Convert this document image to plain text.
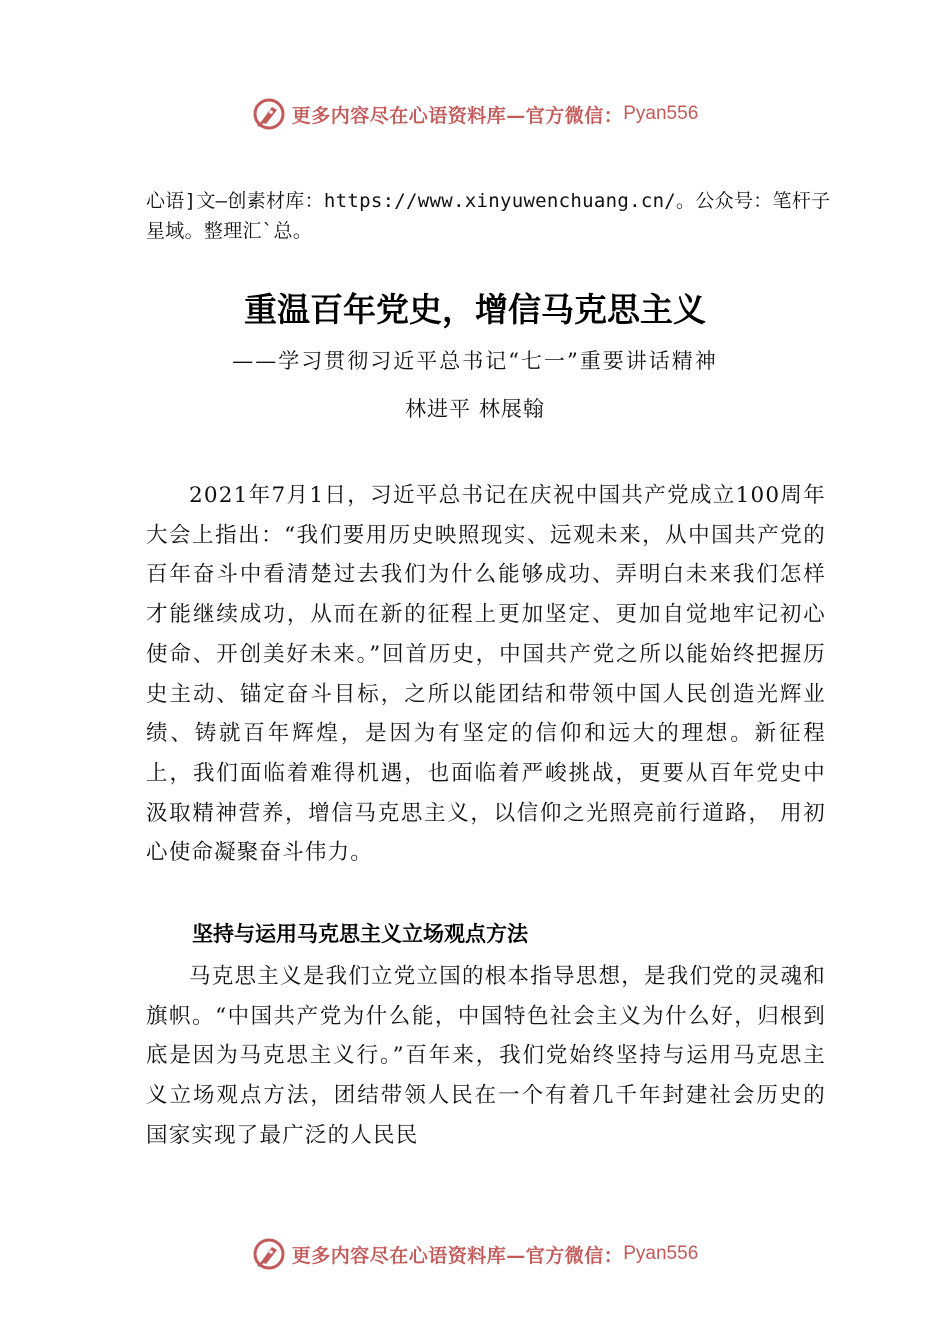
更多内容尽在心语资料库—官方微信： Pyan556
心语]文—创素材库：https://www.xinyuwenchuang.cn/。公众号：笔杆子星域。整理汇`总。
重温百年党史，增信马克思主义
——学习贯彻习近平总书记“七一”重要讲话精神
林进平 林展翰

2021年7月1日，习近平总书记在庆祝中国共产党成立100周年大会上指出：“我们要用历史映照现实、远观未来，从中国共产党的百年奋斗中看清楚过去我们为什么能够成功、弄明白未来我们怎样才能继续成功，从而在新的征程上更加坚定、更加自觉地牢记初心使命、开创美好未来。”回首历史，中国共产党之所以能始终把握历史主动、锚定奋斗目标，之所以能团结和带领中国人民创造光辉业绩、铸就百年辉煌，是因为有坚定的信仰和远大的理想。新征程上，我们面临着难得机遇，也面临着严峻挑战，更要从百年党史中汲取精神营养，增信马克思主义，以信仰之光照亮前行道路， 用初心使命凝聚奋斗伟力。

坚持与运用马克思主义立场观点方法

马克思主义是我们立党立国的根本指导思想，是我们党的灵魂和旗帜。“中国共产党为什么能，中国特色社会主义为什么好，归根到底是因为马克思主义行。”百年来，我们党始终坚持与运用马克思主义立场观点方法，团结带领人民在一个有着几千年封建社会历史的国家实现了最广泛的人民民

更多内容尽在心语资料库—官方微信： Pyan556
